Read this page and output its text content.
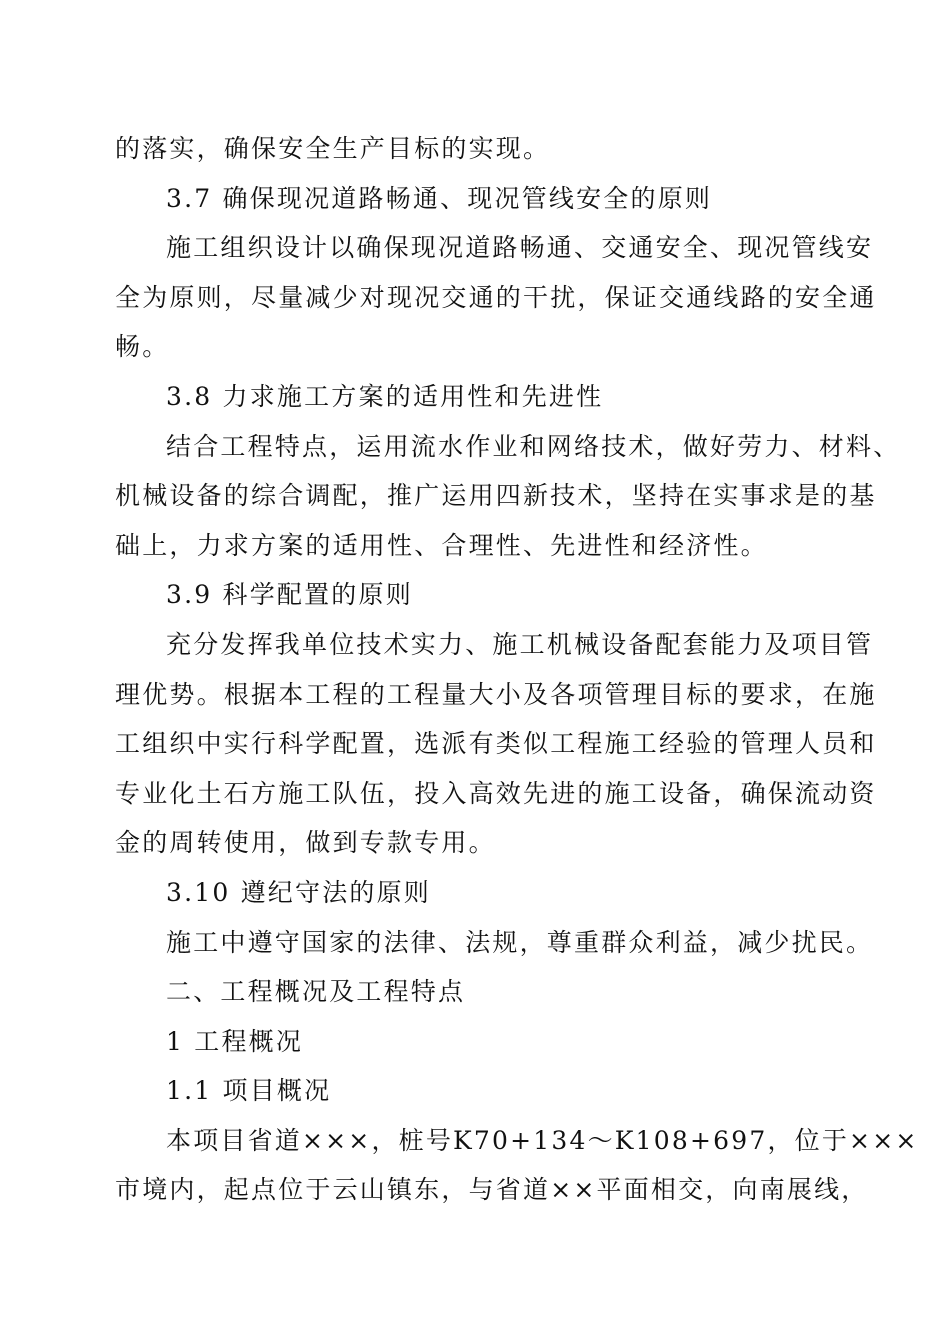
的落实，确保安全生产目标的实现。
3.7 确保现况道路畅通、现况管线安全的原则
施工组织设计以确保现况道路畅通、交通安全、现况管线安
全为原则，尽量减少对现况交通的干扰，保证交通线路的安全通
畅。
3.8 力求施工方案的适用性和先进性
结合工程特点，运用流水作业和网络技术，做好劳力、材料、
机械设备的综合调配，推广运用四新技术，坚持在实事求是的基
础上，力求方案的适用性、合理性、先进性和经济性。
3.9 科学配置的原则
充分发挥我单位技术实力、施工机械设备配套能力及项目管
理优势。根据本工程的工程量大小及各项管理目标的要求，在施
工组织中实行科学配置，选派有类似工程施工经验的管理人员和
专业化土石方施工队伍，投入高效先进的施工设备，确保流动资
金的周转使用，做到专款专用。
3.10 遵纪守法的原则
施工中遵守国家的法律、法规，尊重群众利益，减少扰民。
二、工程概况及工程特点
1 工程概况
1.1 项目概况
本项目省道×××，桩号K70+134～K108+697，位于×××
市境内，起点位于云山镇东，与省道××平面相交，向南展线，
